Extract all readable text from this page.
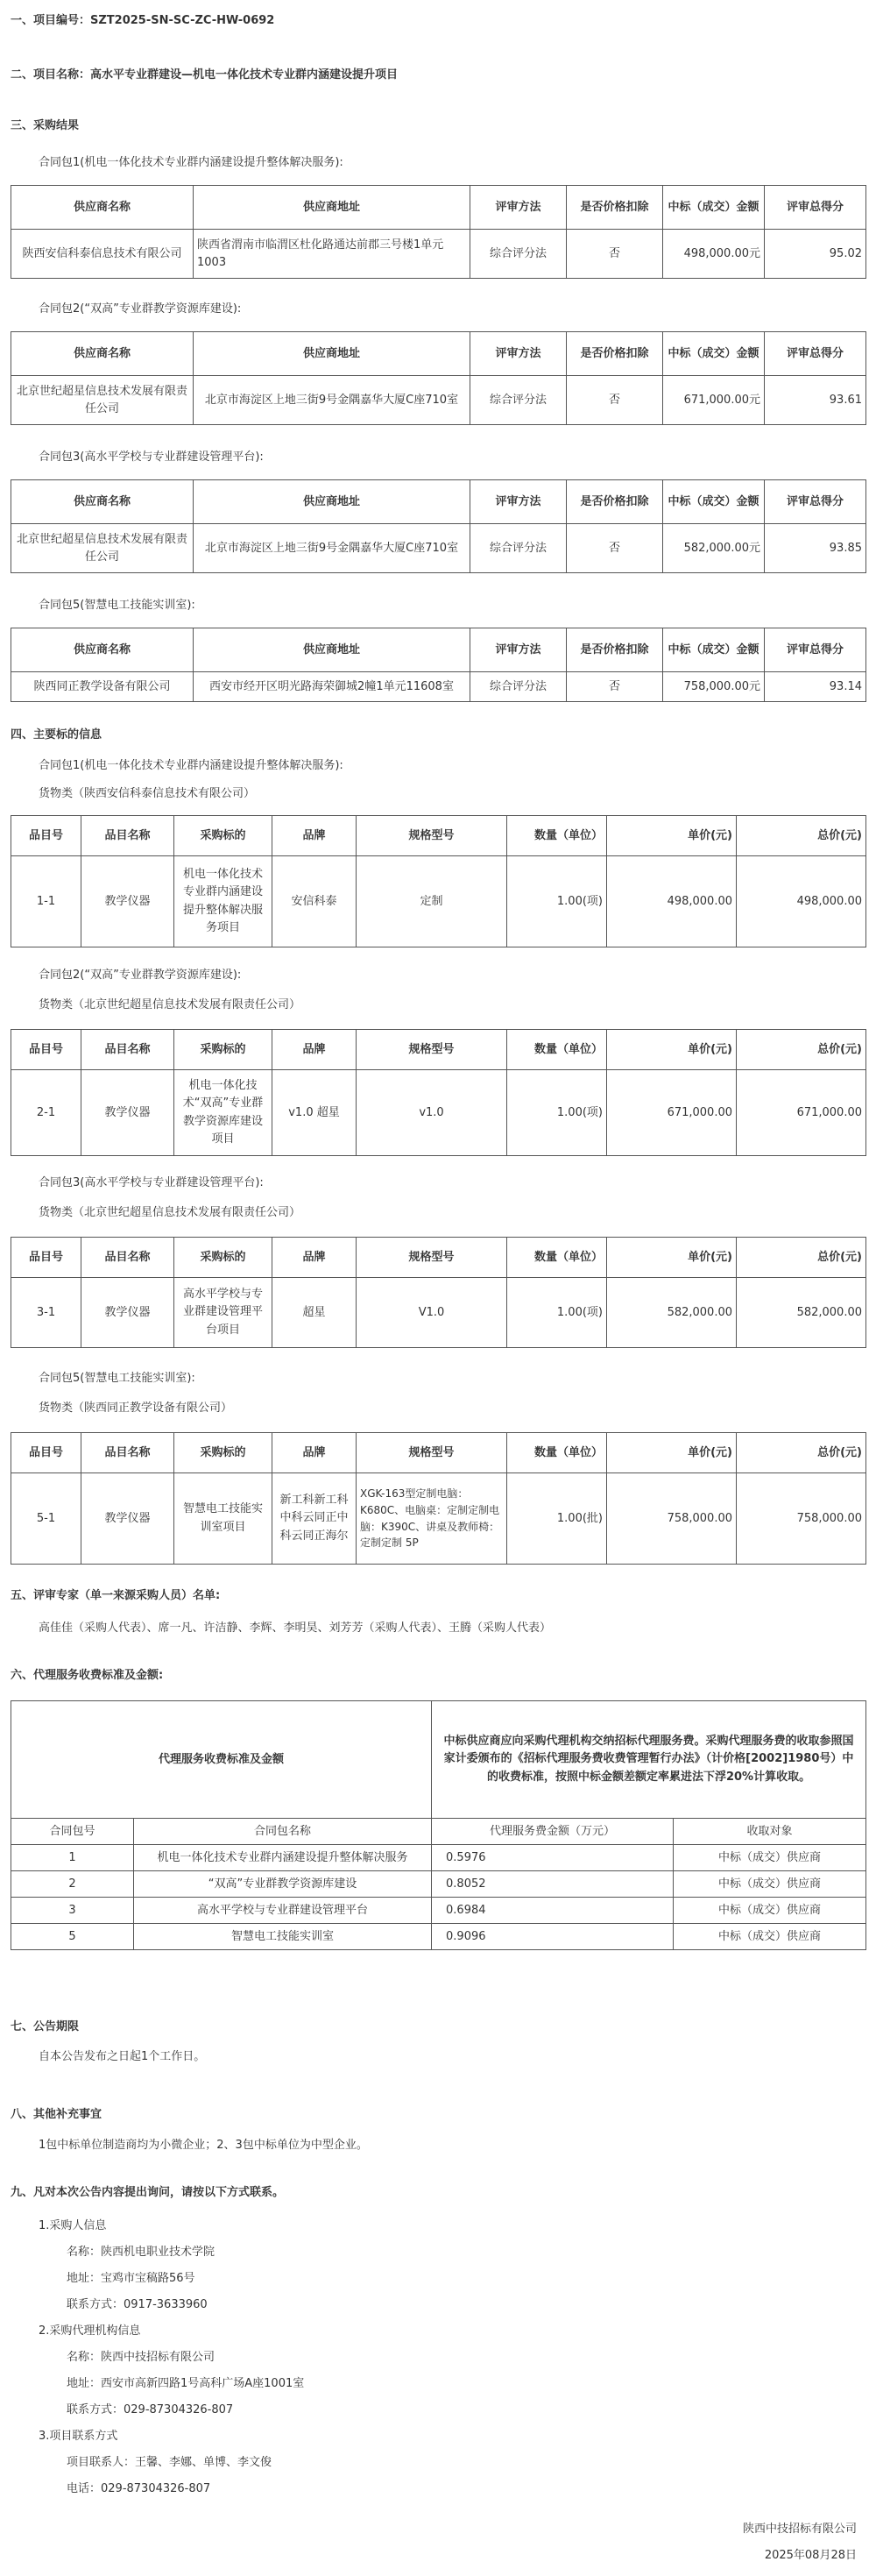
一、项目编号：SZT2025-SN-SC-ZC-HW-0692
二、项目名称：高水平专业群建设—机电一体化技术专业群内涵建设提升项目
三、采购结果
合同包1(机电一体化技术专业群内涵建设提升整体解决服务):
供应商名称	供应商地址	评审方法	是否价格扣除	中标（成交）金额	评审总得分
陕西安信科泰信息技术有限公司	陕西省渭南市临渭区杜化路通达前郡三号楼1单元1003	综合评分法	否	498,000.00元	95.02
合同包2(“双高”专业群教学资源库建设):
供应商名称	供应商地址	评审方法	是否价格扣除	中标（成交）金额	评审总得分
北京世纪超星信息技术发展有限责任公司	北京市海淀区上地三街9号金隅嘉华大厦C座710室	综合评分法	否	671,000.00元	93.61
合同包3(高水平学校与专业群建设管理平台):
供应商名称	供应商地址	评审方法	是否价格扣除	中标（成交）金额	评审总得分
北京世纪超星信息技术发展有限责任公司	北京市海淀区上地三街9号金隅嘉华大厦C座710室	综合评分法	否	582,000.00元	93.85
合同包5(智慧电工技能实训室):
供应商名称	供应商地址	评审方法	是否价格扣除	中标（成交）金额	评审总得分
陕西同正教学设备有限公司	西安市经开区明光路海荣御城2幢1单元11608室	综合评分法	否	758,000.00元	93.14
四、主要标的信息
合同包1(机电一体化技术专业群内涵建设提升整体解决服务):
货物类（陕西安信科泰信息技术有限公司）
品目号	品目名称	采购标的	品牌	规格型号	数量（单位）	单价(元)	总价(元)
1-1	教学仪器	机电一体化技术专业群内涵建设提升整体解决服务项目	安信科泰	定制	1.00(项)	498,000.00	498,000.00
合同包2(“双高”专业群教学资源库建设):
货物类（北京世纪超星信息技术发展有限责任公司）
品目号	品目名称	采购标的	品牌	规格型号	数量（单位）	单价(元)	总价(元)
2-1	教学仪器	机电一体化技术“双高”专业群教学资源库建设项目	v1.0 超星	v1.0	1.00(项)	671,000.00	671,000.00
合同包3(高水平学校与专业群建设管理平台):
货物类（北京世纪超星信息技术发展有限责任公司）
品目号	品目名称	采购标的	品牌	规格型号	数量（单位）	单价(元)	总价(元)
3-1	教学仪器	高水平学校与专业群建设管理平台项目	超星	V1.0	1.00(项)	582,000.00	582,000.00
合同包5(智慧电工技能实训室):
货物类（陕西同正教学设备有限公司）
品目号	品目名称	采购标的	品牌	规格型号	数量（单位）	单价(元)	总价(元)
5-1	教学仪器	智慧电工技能实训室项目	新工科新工科中科云同正中科云同正海尔	XGK-163型定制电脑：K680C、电脑桌：定制定制电脑：K390C、讲桌及教师椅：定制定制 5P	1.00(批)	758,000.00	758,000.00
五、评审专家（单一来源采购人员）名单:
高佳佳（采购人代表）、席一凡、许洁静、李辉、李明昊、刘芳芳（采购人代表）、王腾（采购人代表）
六、代理服务收费标准及金额:
代理服务收费标准及金额		中标供应商应向采购代理机构交纳招标代理服务费。采购代理服务费的收取参照国家计委颁布的《招标代理服务费收费管理暂行办法》（计价格[2002]1980号）中的收费标准，按照中标金额差额定率累进法下浮20%计算收取。	
合同包号	合同包名称	代理服务费金额（万元）	收取对象
1	机电一体化技术专业群内涵建设提升整体解决服务	0.5976	中标（成交）供应商
2	“双高”专业群教学资源库建设	0.8052	中标（成交）供应商
3	高水平学校与专业群建设管理平台	0.6984	中标（成交）供应商
5	智慧电工技能实训室	0.9096	中标（成交）供应商
七、公告期限
自本公告发布之日起1个工作日。
八、其他补充事宜
1包中标单位制造商均为小微企业；2、3包中标单位为中型企业。
九、凡对本次公告内容提出询问，请按以下方式联系。
1.采购人信息
名称：陕西机电职业技术学院
地址：宝鸡市宝稿路56号
联系方式：0917-3633960
2.采购代理机构信息
名称：陕西中技招标有限公司
地址：西安市高新四路1号高科广场A座1001室
联系方式：029-87304326-807
3.项目联系方式
项目联系人：王馨、李娜、单博、李文俊
电话：029-87304326-807
陕西中技招标有限公司
2025年08月28日
